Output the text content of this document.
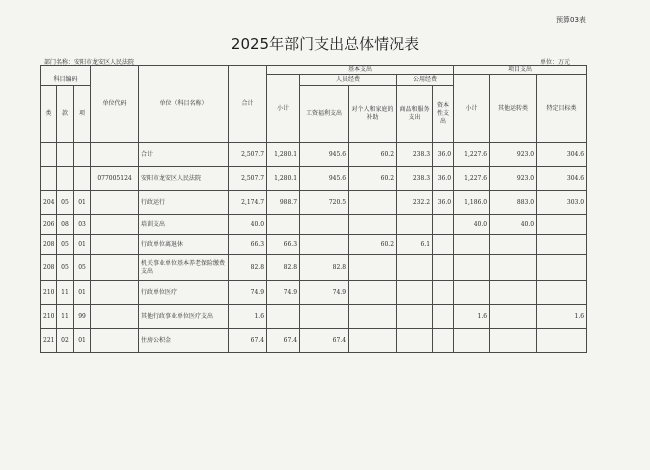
预算03表
2025年部门支出总体情况表
部门名称：安阳市龙安区人民法院	单位：万元
			单位代码	单位（科目名称）	合计	基本支出					项目支出		
科目编码						小计	人员经费		公用经费		小计	其他运转类	特定目标类
类	款	项					工资福利支出	对个人和家庭的补助	商品和服务支出	资本性支出			

				合计	2,507.7	1,280.1	945.6	60.2	238.3	36.0	1,227.6	923.0	304.6
			077005124	安阳市龙安区人民法院	2,507.7	1,280.1	945.6	60.2	238.3	36.0	1,227.6	923.0	304.6
204	05	01		行政运行	2,174.7	988.7	720.5		232.2	36.0	1,186.0	883.0	303.0
206	08	03		培训支出	40.0						40.0	40.0	
208	05	01		行政单位离退休	66.3	66.3		60.2	6.1				
208	05	05		机关事业单位基本养老保险缴费支出	82.8	82.8	82.8						
210	11	01		行政单位医疗	74.9	74.9	74.9						
210	11	99		其他行政事业单位医疗支出	1.6						1.6		1.6
221	02	01		住房公积金	67.4	67.4	67.4						
